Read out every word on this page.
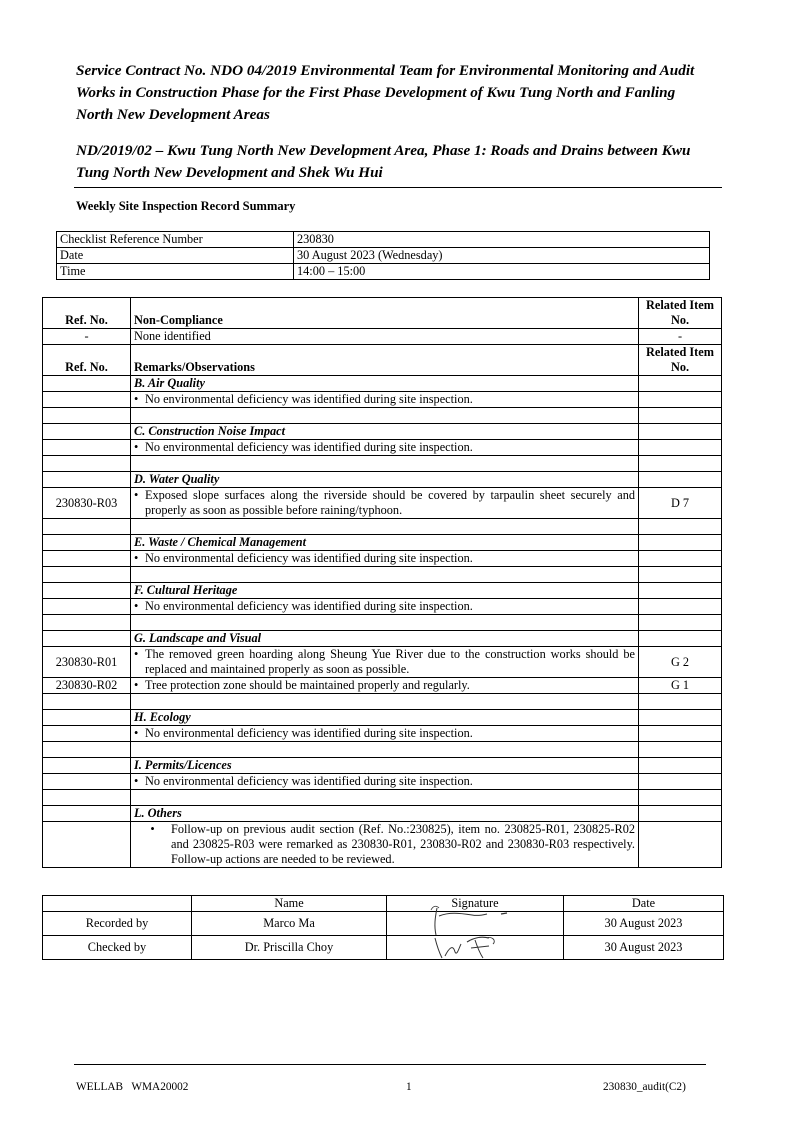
Service Contract No. NDO 04/2019 Environmental Team for Environmental Monitoring and Audit Works in Construction Phase for the First Phase Development of Kwu Tung North and Fanling North New Development Areas

ND/2019/02 – Kwu Tung North New Development Area, Phase 1: Roads and Drains between Kwu Tung North New Development and Shek Wu Hui

Weekly Site Inspection Record Summary
Checklist Reference Number	230830
Date	30 August 2023 (Wednesday)
Time	14:00 – 15:00
Ref. No.	Non-Compliance	Related Item No.
-	None identified	-
Ref. No.	Remarks/Observations	Related Item No.
	B. Air Quality	

	• No environmental deficiency was identified during site inspection.	

	C. Construction Noise Impact	

	• No environmental deficiency was identified during site inspection.	

	D. Water Quality	
230830-R03	• Exposed slope surfaces along the riverside should be covered by tarpaulin sheet securely and properly as soon as possible before raining/typhoon.	D 7

	E. Waste / Chemical Management	

	• No environmental deficiency was identified during site inspection.	

	F. Cultural Heritage	

	• No environmental deficiency was identified during site inspection.	

	G. Landscape and Visual	
230830-R01	• The removed green hoarding along Sheung Yue River due to the construction works should be replaced and maintained properly as soon as possible.	G 2
230830-R02	• Tree protection zone should be maintained properly and regularly.	G 1

	H. Ecology	

	• No environmental deficiency was identified during site inspection.	

	I. Permits/Licences	

	• No environmental deficiency was identified during site inspection.	

	L. Others	

	• Follow-up on previous audit section (Ref. No.:230825), item no. 230825-R01, 230825-R02 and 230825-R03 were remarked as 230830-R01, 230830-R02 and 230830-R03 respectively. Follow-up actions are needed to be reviewed.	

	Name	Signature	Date
Recorded by	Marco Ma		30 August 2023
Checked by	Dr. Priscilla Choy		30 August 2023
WELLAB   WMA20002	1	230830_audit(C2)
